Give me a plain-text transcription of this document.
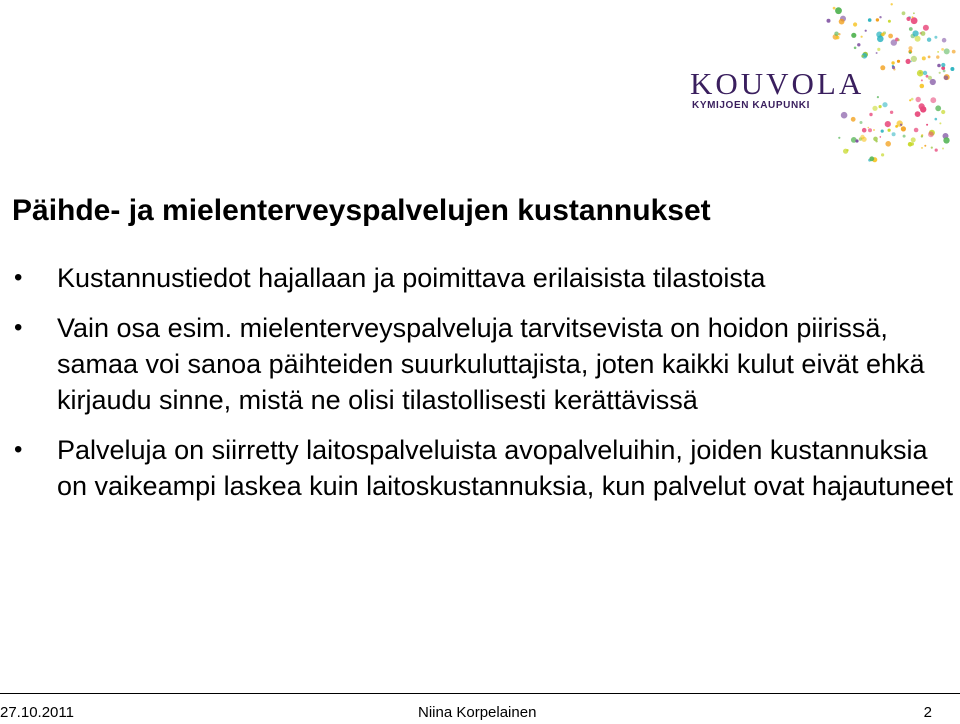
KOUVOLA
KYMIJOEN KAUPUNKI
Päihde- ja mielenterveyspalvelujen kustannukset
• Kustannustiedot hajallaan ja poimittava erilaisista tilastoista
• Vain osa esim. mielenterveyspalveluja tarvitsevista on hoidon piirissä, samaa voi sanoa päihteiden suurkuluttajista, joten kaikki kulut eivät ehkä kirjaudu sinne, mistä ne olisi tilastollisesti kerättävissä
• Palveluja on siirretty laitospalveluista avopalveluihin, joiden kustannuksia on vaikeampi laskea kuin laitoskustannuksia, kun palvelut ovat hajautuneet
27.10.2011	Niina Korpelainen	2
